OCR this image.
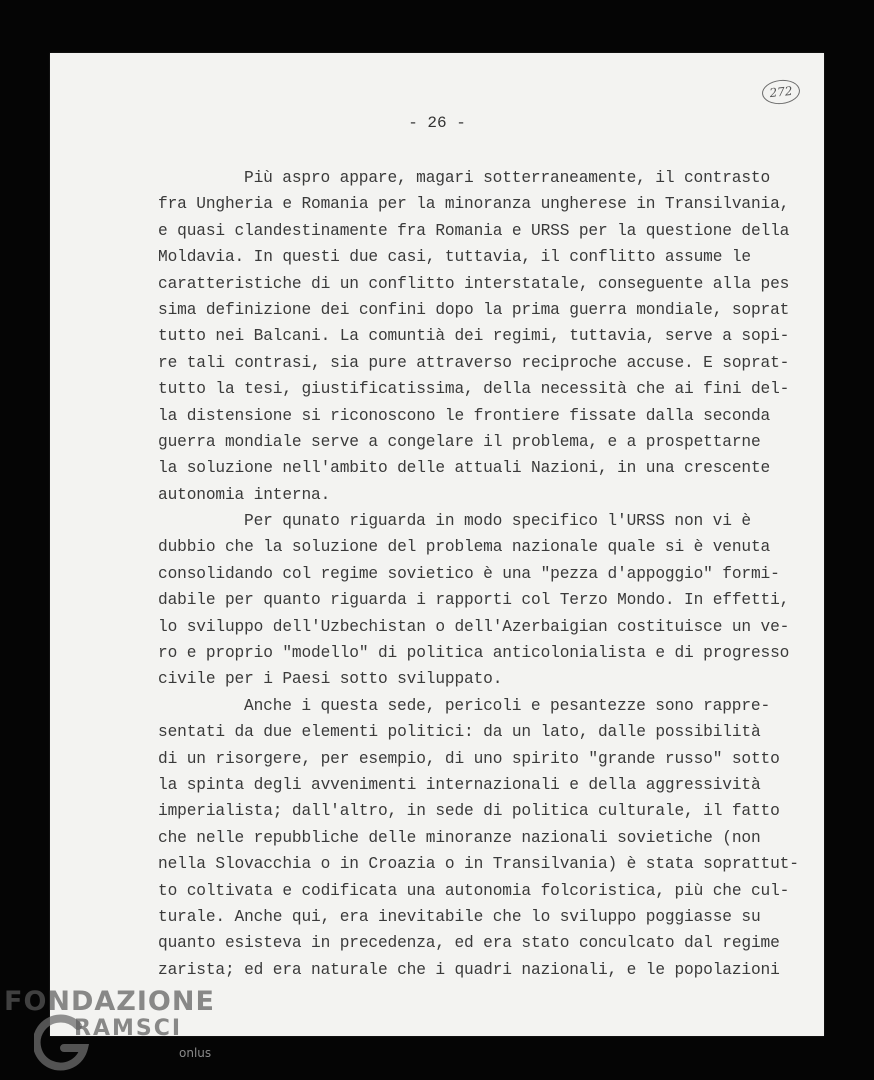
272
- 26 -
Più aspro appare, magari sotterraneamente, il contrasto
fra Ungheria e Romania per la minoranza ungherese in Transilvania,
e quasi clandestinamente fra Romania e URSS per la questione della
Moldavia. In questi due casi, tuttavia, il conflitto assume le
caratteristiche di un conflitto interstatale, conseguente alla pes
sima definizione dei confini dopo la prima guerra mondiale, soprat
tutto nei Balcani. La comuntià dei regimi, tuttavia, serve a sopi-
re tali contrasi, sia pure attraverso reciproche accuse. E soprat-
tutto la tesi, giustificatissima, della necessità che ai fini del-
la distensione si riconoscono le frontiere fissate dalla seconda
guerra mondiale serve a congelare il problema, e a prospettarne
la soluzione nell'ambito delle attuali Nazioni, in una crescente
autonomia interna.
Per qunato riguarda in modo specifico l'URSS non vi è
dubbio che la soluzione del problema nazionale quale si è venuta
consolidando col regime sovietico è una "pezza d'appoggio" formi-
dabile per quanto riguarda i rapporti col Terzo Mondo. In effetti,
lo sviluppo dell'Uzbechistan o dell'Azerbaigian costituisce un ve-
ro e proprio "modello" di politica anticolonialista e di progresso
civile per i Paesi sotto sviluppato.
Anche i questa sede, pericoli e pesantezze sono rappre-
sentati da due elementi politici: da un lato, dalle possibilità
di un risorgere, per esempio, di uno spirito "grande russo" sotto
la spinta degli avvenimenti internazionali e della aggressività
imperialista; dall'altro, in sede di politica culturale, il fatto
che nelle repubbliche delle minoranze nazionali sovietiche (non
nella Slovacchia o in Croazia o in Transilvania) è stata soprattut-
to coltivata e codificata una autonomia folcoristica, più che cul-
turale. Anche qui, era inevitabile che lo sviluppo poggiasse su
quanto esisteva in precedenza, ed era stato conculcato dal regime
zarista; ed era naturale che i quadri nazionali, e le popolazioni
FONDAZIONE
RAMSCI
onlus
